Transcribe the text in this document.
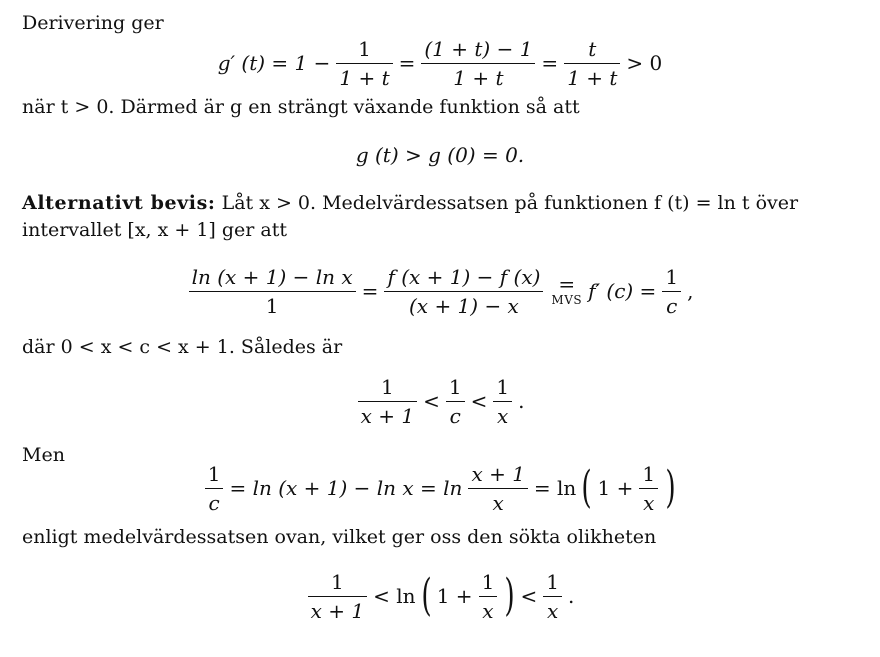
Derivering ger
g′ $(t) = 1 - \frac{1}{1 + t} = \frac{(1 + t) - 1}{1 + t} = \frac{t}{1 + t} > 0$
när t > 0. Därmed är g en strängt växande funktion så att
g (t) > g (0) = 0.
Alternativt bevis: Låt x > 0. Medelvärdessatsen på funktionen f (t) = ln t över
intervallet [x, x + 1] ger att
$\frac{\text{ln (x + 1) − ln x}}{1} = \frac{f (x + 1) - f (x)}{(x + 1) - x}$ =
MVS f′ $(c) = \frac{1}{c}$ ,
där 0 < x < c < x + 1. Således är
$\frac{1}{x + 1} < \frac{1}{c} < \frac{1}{x}$ .
Men
$\frac{1}{c} = \ln (x + 1) - \ln x = \ln \frac{x + 1}{x} = \ln$ ( $1 + \frac{1}{x}$ )
enligt medelvärdessatsen ovan, vilket ger oss den sökta olikheten
$\frac{1}{x + 1} < \ln$ ( $1 + \frac{1}{x}$ ) < $\frac{1}{x}$ .
